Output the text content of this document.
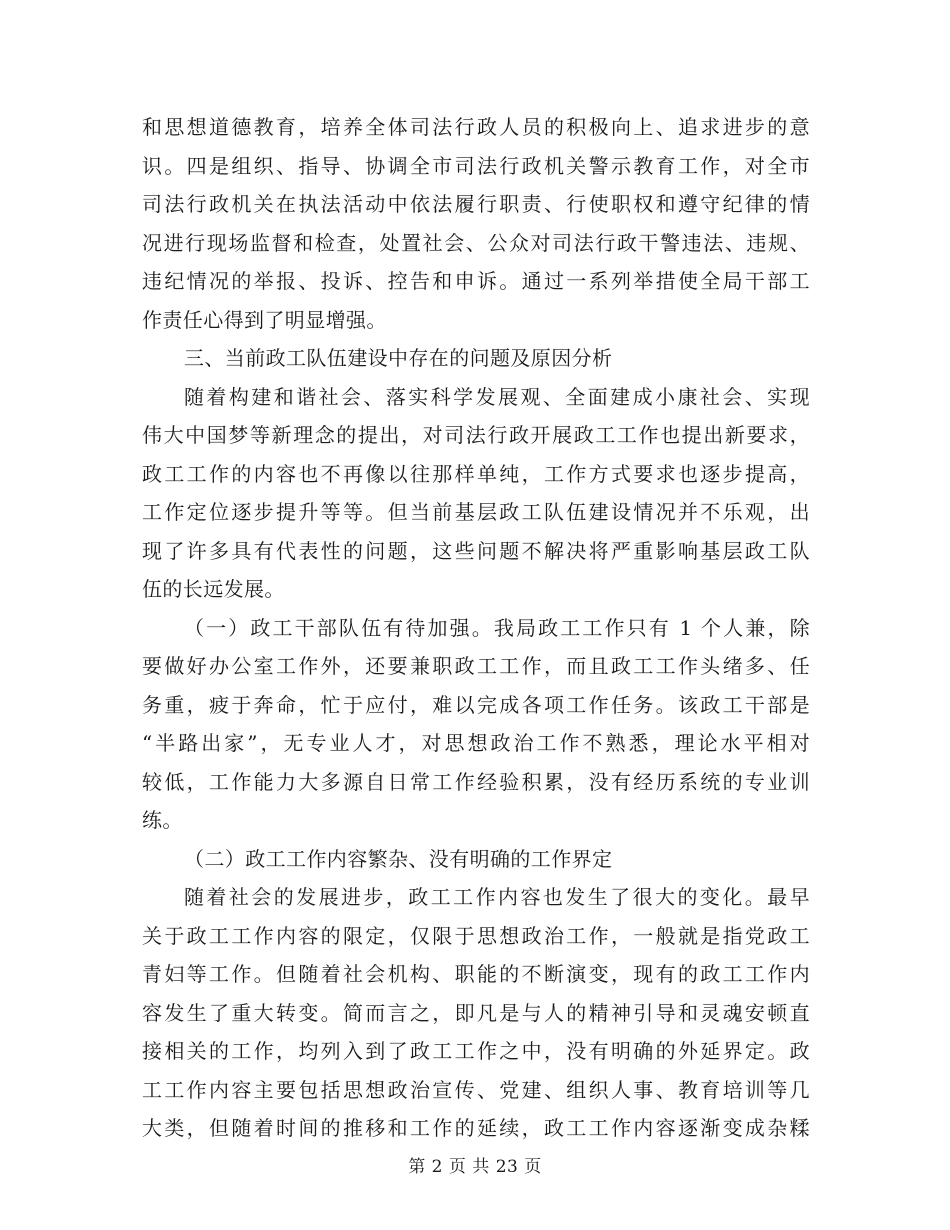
和思想道德教育，培养全体司法行政人员的积极向上、追求进步的意
识。四是组织、指导、协调全市司法行政机关警示教育工作，对全市
司法行政机关在执法活动中依法履行职责、行使职权和遵守纪律的情
况进行现场监督和检查，处置社会、公众对司法行政干警违法、违规、
违纪情况的举报、投诉、控告和申诉。通过一系列举措使全局干部工
作责任心得到了明显增强。
三、当前政工队伍建设中存在的问题及原因分析
随着构建和谐社会、落实科学发展观、全面建成小康社会、实现
伟大中国梦等新理念的提出，对司法行政开展政工工作也提出新要求，
政工工作的内容也不再像以往那样单纯，工作方式要求也逐步提高，
工作定位逐步提升等等。但当前基层政工队伍建设情况并不乐观，出
现了许多具有代表性的问题，这些问题不解决将严重影响基层政工队
伍的长远发展。
（一）政工干部队伍有待加强。我局政工工作只有 1 个人兼，除
要做好办公室工作外，还要兼职政工工作，而且政工工作头绪多、任
务重，疲于奔命，忙于应付，难以完成各项工作任务。该政工干部是
“半路出家”，无专业人才，对思想政治工作不熟悉，理论水平相对
较低，工作能力大多源自日常工作经验积累，没有经历系统的专业训
练。
（二）政工工作内容繁杂、没有明确的工作界定
随着社会的发展进步，政工工作内容也发生了很大的变化。最早
关于政工工作内容的限定，仅限于思想政治工作，一般就是指党政工
青妇等工作。但随着社会机构、职能的不断演变，现有的政工工作内
容发生了重大转变。简而言之，即凡是与人的精神引导和灵魂安顿直
接相关的工作，均列入到了政工工作之中，没有明确的外延界定。政
工工作内容主要包括思想政治宣传、党建、组织人事、教育培训等几
大类，但随着时间的推移和工作的延续，政工工作内容逐渐变成杂糅
第 2 页 共 23 页
